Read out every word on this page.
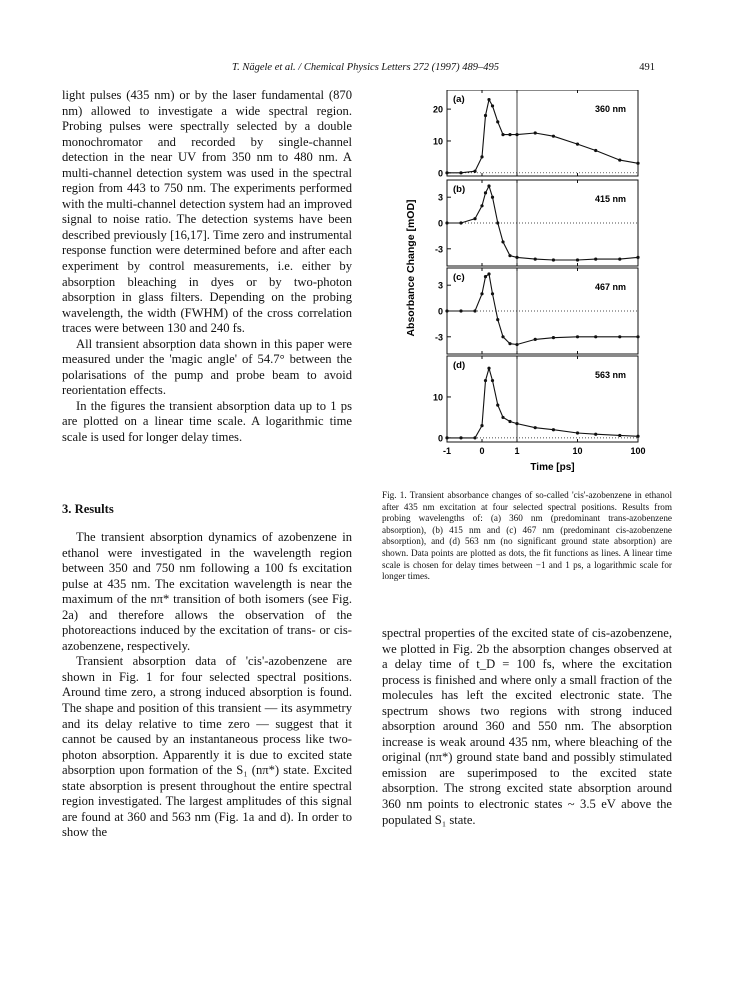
T. Nägele et al. / Chemical Physics Letters 272 (1997) 489–495	491

light pulses (435 nm) or by the laser fundamental (870 nm) allowed to investigate a wide spectral region. Probing pulses were spectrally selected by a double monochromator and recorded by single-channel detection in the near UV from 350 nm to 480 nm. A multi-channel detection system was used in the spectral region from 443 to 750 nm. The experiments performed with the multi-channel detection system had an improved signal to noise ratio. The detection systems have been described previously [16,17]. Time zero and instrumental response function were determined before and after each experiment by control measurements, i.e. either by absorption bleaching in dyes or by two-photon absorption in glass filters. Depending on the probing wavelength, the width (FWHM) of the cross correlation traces were between 130 and 240 fs.

All transient absorption data shown in this paper were measured under the 'magic angle' of 54.7° between the polarisations of the pump and probe beam to avoid reorientation effects.

In the figures the transient absorption data up to 1 ps are plotted on a linear time scale. A logarithmic time scale is used for longer delay times.

3. Results

The transient absorption dynamics of azobenzene in ethanol were investigated in the wavelength region between 350 and 750 nm following a 100 fs excitation pulse at 435 nm. The excitation wavelength is near the maximum of the nπ* transition of both isomers (see Fig. 2a) and therefore allows the observation of the photoreactions induced by the excitation of trans- or cis-azobenzene, respectively.

Transient absorption data of 'cis'-azobenzene are shown in Fig. 1 for four selected spectral positions. Around time zero, a strong induced absorption is found. The shape and position of this transient — its asymmetry and its delay relative to time zero — suggest that it cannot be caused by an instantaneous process like two-photon absorption. Apparently it is due to excited state absorption upon formation of the S₁ (nπ*) state. Excited state absorption is present throughout the entire spectral region investigated. The largest amplitudes of this signal are found at 360 and 563 nm (Fig. 1a and d). In order to show the

spectral properties of the excited state of cis-azobenzene, we plotted in Fig. 2b the absorption changes observed at a delay time of t_D = 100 fs, where the excitation process is finished and where only a small fraction of the molecules has left the excited electronic state. The spectrum shows two regions with strong induced absorption around 360 and 550 nm. The absorption increase is weak around 435 nm, where bleaching of the original (nπ*) ground state band and possibly stimulated emission are superimposed to the excited state absorption. The strong excited state absorption around 360 nm points to electronic states ~ 3.5 eV above the populated S₁ state.

Fig. 1. Transient absorbance changes of so-called 'cis'-azobenzene in ethanol after 435 nm excitation at four selected spectral positions. Results from probing wavelengths of: (a) 360 nm (predominant trans-azobenzene absorption), (b) 415 nm and (c) 467 nm (predominant cis-azobenzene absorption), and (d) 563 nm (no significant ground state absorption) are shown. Data points are plotted as dots, the fit functions as lines. A linear time scale is chosen for delay times between −1 and 1 ps, a logarithmic scale for longer times.
Absorbance Change [mOD]
20
10
0
(a)
360 nm
3
0
-3
(b)
415 nm
3
0
-3
(c)
467 nm
10
0
(d)
563 nm
-1	0	1	10	100
Time [ps]
